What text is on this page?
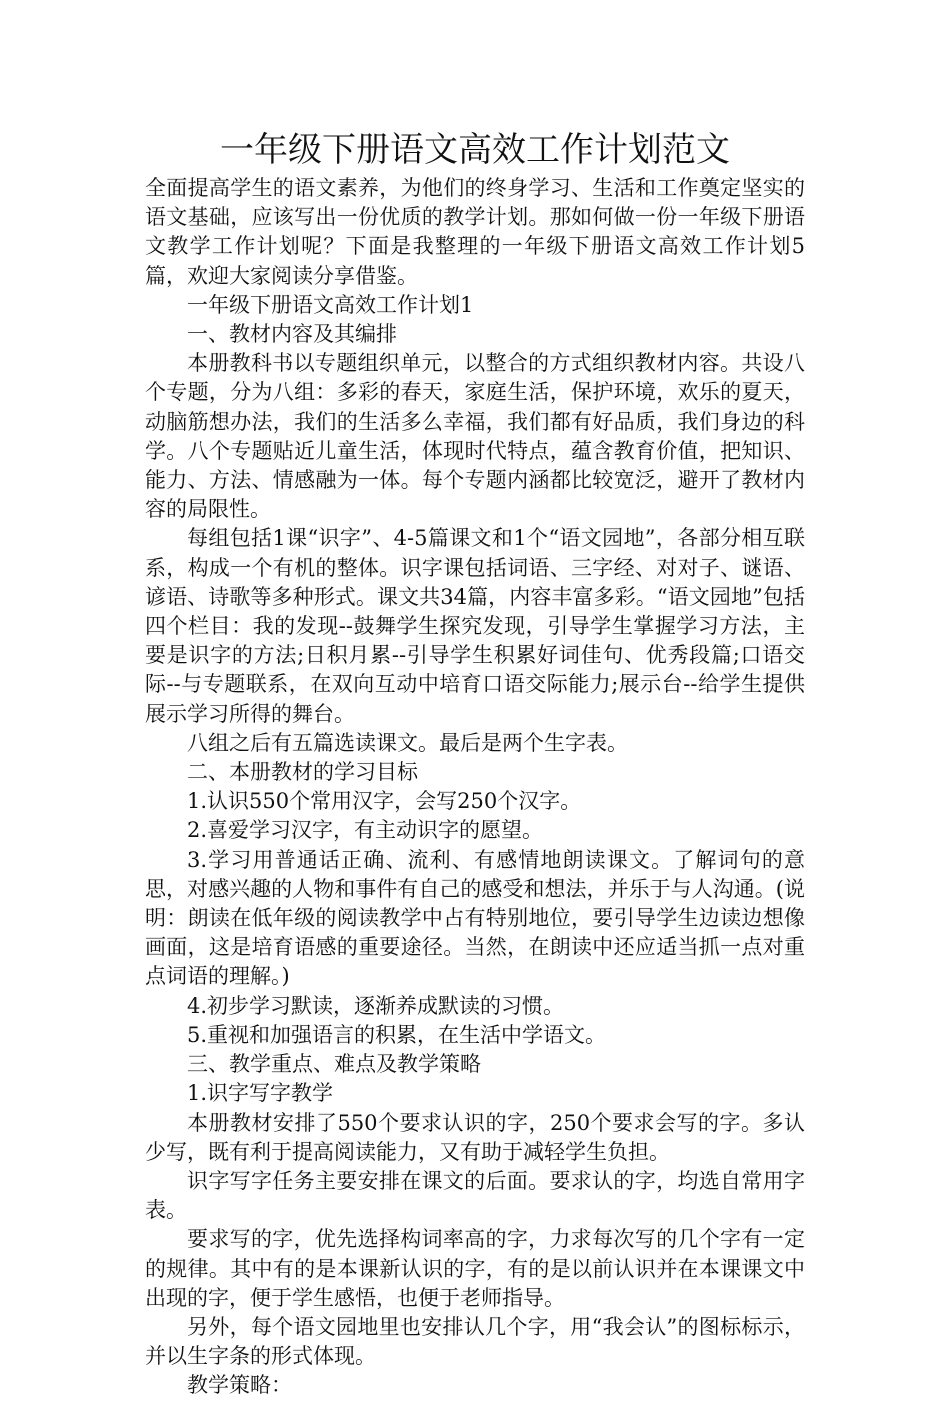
一年级下册语文高效工作计划范文

全面提高学生的语文素养，为他们的终身学习、生活和工作奠定坚实的语文基础，应该写出一份优质的教学计划。那如何做一份一年级下册语文教学工作计划呢？下面是我整理的一年级下册语文高效工作计划5篇，欢迎大家阅读分享借鉴。

一年级下册语文高效工作计划1

一、教材内容及其编排

本册教科书以专题组织单元，以整合的方式组织教材内容。共设八个专题，分为八组：多彩的春天，家庭生活，保护环境，欢乐的夏天，动脑筋想办法，我们的生活多么幸福，我们都有好品质，我们身边的科学。八个专题贴近儿童生活，体现时代特点，蕴含教育价值，把知识、能力、方法、情感融为一体。每个专题内涵都比较宽泛，避开了教材内容的局限性。

每组包括1课“识字”、4-5篇课文和1个“语文园地”，各部分相互联系，构成一个有机的整体。识字课包括词语、三字经、对对子、谜语、谚语、诗歌等多种形式。课文共34篇，内容丰富多彩。“语文园地”包括四个栏目：我的发现--鼓舞学生探究发现，引导学生掌握学习方法，主要是识字的方法;日积月累--引导学生积累好词佳句、优秀段篇;口语交际--与专题联系，在双向互动中培育口语交际能力;展示台--给学生提供展示学习所得的舞台。

八组之后有五篇选读课文。最后是两个生字表。

二、本册教材的学习目标

1.认识550个常用汉字，会写250个汉字。

2.喜爱学习汉字，有主动识字的愿望。

3.学习用普通话正确、流利、有感情地朗读课文。了解词句的意思，对感兴趣的人物和事件有自己的感受和想法，并乐于与人沟通。(说明：朗读在低年级的阅读教学中占有特别地位，要引导学生边读边想像画面，这是培育语感的重要途径。当然，在朗读中还应适当抓一点对重点词语的理解。)

4.初步学习默读，逐渐养成默读的习惯。

5.重视和加强语言的积累，在生活中学语文。

三、教学重点、难点及教学策略

1.识字写字教学

本册教材安排了550个要求认识的字，250个要求会写的字。多认少写，既有利于提高阅读能力，又有助于减轻学生负担。

识字写字任务主要安排在课文的后面。要求认的字，均选自常用字表。

要求写的字，优先选择构词率高的字，力求每次写的几个字有一定的规律。其中有的是本课新认识的字，有的是以前认识并在本课课文中出现的字，便于学生感悟，也便于老师指导。

另外，每个语文园地里也安排认几个字，用“我会认”的图标标示，并以生字条的形式体现。

教学策略：
